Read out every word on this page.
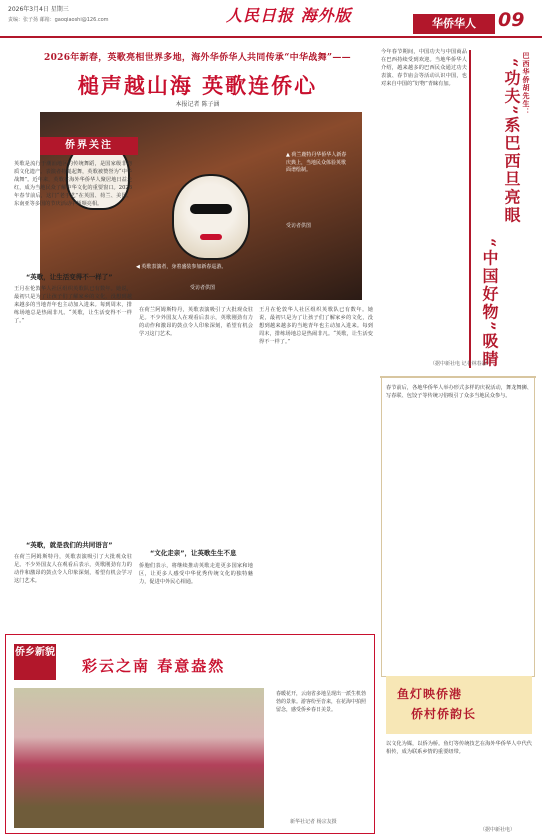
2026年3月4日 星期三
责编：张子扬 邮箱：gaoqiaoshi@126.com	人民日报 海外版	华侨华人	09
2026年新春，英歌亮相世界多地，海外华侨华人共同传承“中华战舞”——
槌声越山海 英歌连侨心
本报记者 陈子涵
▲ 荷兰鹿特丹华侨华人新春庆典上，当地民众体验英歌面谱绘制。
受访者供图
◀ 英歌表演者，身着盛装参加新春巡游。
受访者供图
侨界关注
英歌是流行于潮汕地区的传统舞蹈，是国家级非物质文化遗产。表演者持槌起舞，英歌被赞誉为“中华战舞”。近年来，英歌在海外华侨华人聚居地日益走红，成为当地民众了解中华文化的重要窗口。2026年春节前后，这门“老手艺”在英国、荷兰、美国、东南亚等多国的节庆活动中频频亮相。
“英歌，让生活变得不一样了”
王月在伦敦华人社区组织英歌队已有数年。她说，最初只是为了让孩子们了解家乡的文化，没想到越来越多的当地青年也主动加入进来。每到周末，排练场地总是热闹非凡。“英歌，让生活变得不一样了。”
“英歌，就是我们的共同语言”
在荷兰阿姆斯特丹，英歌表演吸引了大批观众驻足。不少外国友人在观看后表示，英歌刚劲有力的动作和激昂的鼓点令人印象深刻，希望有机会学习这门艺术。
在荷兰阿姆斯特丹，英歌表演吸引了大批观众驻足。不少外国友人在观看后表示，英歌刚劲有力的动作和激昂的鼓点令人印象深刻，希望有机会学习这门艺术。
“文化走亲”，让英歌生生不息
侨胞们表示，将继续推动英歌走进更多国家和地区，让更多人感受中华优秀传统文化的独特魅力，促进中外民心相通。
王月在伦敦华人社区组织英歌队已有数年。她说，最初只是为了让孩子们了解家乡的文化，没想到越来越多的当地青年也主动加入进来。每到周末，排练场地总是热闹非凡。“英歌，让生活变得不一样了。”
今年春节期间，中国功夫与中国商品在巴西持续受到欢迎。当地华侨华人介绍，越来越多的巴西民众通过功夫表演、春节庙会等活动认识中国，也对来自中国的“好物”青睐有加。	巴西华侨胡先生：
“功夫”系巴西旦亮眼
“中国好物”吸睛
（据中新社电 记者林春霖）
春节前后，各地华侨华人举办形式多样的庆祝活动，舞龙舞狮、写春联、包饺子等传统习俗吸引了众多当地民众参与。
鱼灯映侨港
侨村侨韵长
以文化为媒，以侨为桥。鱼灯等传统技艺在海外华侨华人中代代相传，成为联系乡情的重要纽带。
（据中新社电）
侨乡新貌
彩云之南 春意盎然
春暖花开，云南省多地呈现出一派生机勃勃的景象。游客纷至沓来，在花海中拍照留念，感受侨乡春日美景。
新华社记者 杨宗友摄
